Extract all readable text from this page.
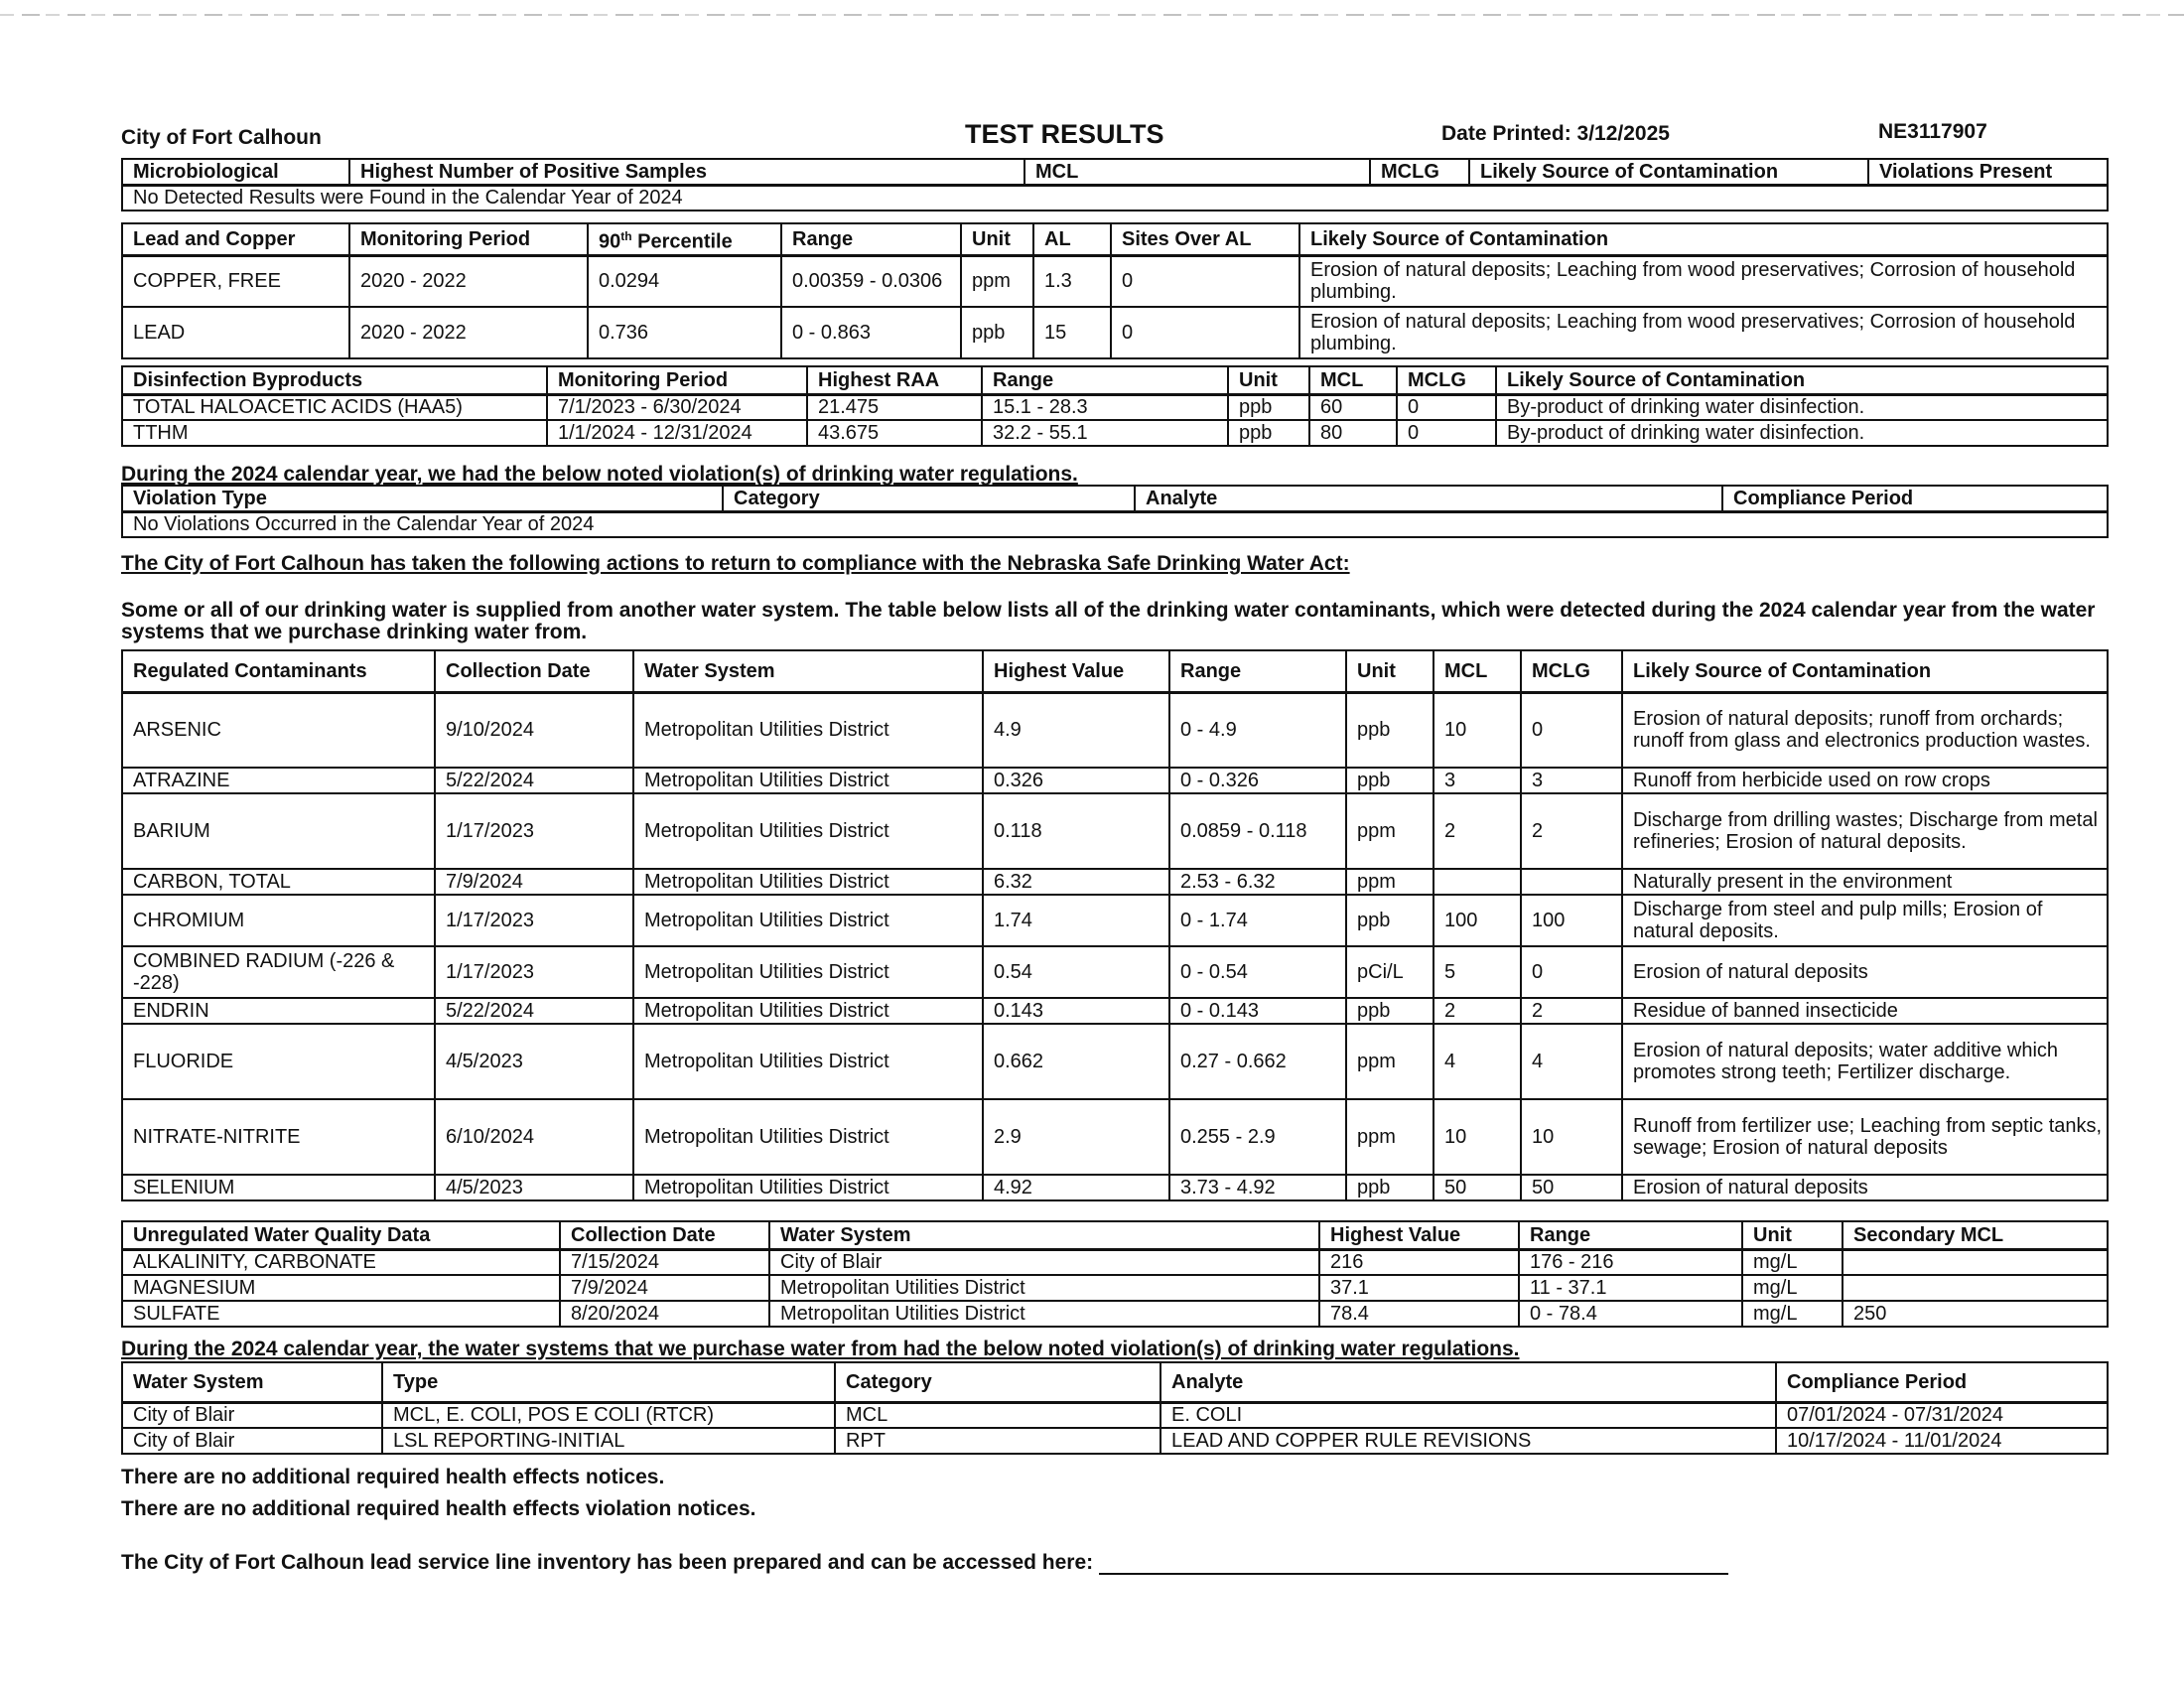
City of Fort Calhoun	TEST RESULTS	Date Printed: 3/12/2025	NE3117907
Microbiological	Highest Number of Positive Samples	MCL	MCLG	Likely Source of Contamination	Violations Present
No Detected Results were Found in the Calendar Year of 2024
Lead and Copper	Monitoring Period	90th Percentile	Range	Unit	AL	Sites Over AL	Likely Source of Contamination
COPPER, FREE	2020 - 2022	0.0294	0.00359 - 0.0306	ppm	1.3	0	Erosion of natural deposits; Leaching from wood preservatives; Corrosion of household plumbing.
LEAD	2020 - 2022	0.736	0 - 0.863	ppb	15	0	Erosion of natural deposits; Leaching from wood preservatives; Corrosion of household plumbing.
Disinfection Byproducts	Monitoring Period	Highest RAA	Range	Unit	MCL	MCLG	Likely Source of Contamination
TOTAL HALOACETIC ACIDS (HAA5)	7/1/2023 - 6/30/2024	21.475	15.1 - 28.3	ppb	60	0	By-product of drinking water disinfection.
TTHM	1/1/2024 - 12/31/2024	43.675	32.2 - 55.1	ppb	80	0	By-product of drinking water disinfection.
During the 2024 calendar year, we had the below noted violation(s) of drinking water regulations.
Violation Type	Category	Analyte	Compliance Period
No Violations Occurred in the Calendar Year of 2024
The City of Fort Calhoun has taken the following actions to return to compliance with the Nebraska Safe Drinking Water Act:
Some or all of our drinking water is supplied from another water system. The table below lists all of the drinking water contaminants, which were detected during the 2024 calendar year from the water systems that we purchase drinking water from.
Regulated Contaminants	Collection Date	Water System	Highest Value	Range	Unit	MCL	MCLG	Likely Source of Contamination
ARSENIC	9/10/2024	Metropolitan Utilities District	4.9	0 - 4.9	ppb	10	0	Erosion of natural deposits; runoff from orchards; runoff from glass and electronics production wastes.
ATRAZINE	5/22/2024	Metropolitan Utilities District	0.326	0 - 0.326	ppb	3	3	Runoff from herbicide used on row crops
BARIUM	1/17/2023	Metropolitan Utilities District	0.118	0.0859 - 0.118	ppm	2	2	Discharge from drilling wastes; Discharge from metal refineries; Erosion of natural deposits.
CARBON, TOTAL	7/9/2024	Metropolitan Utilities District	6.32	2.53 - 6.32	ppm			Naturally present in the environment
CHROMIUM	1/17/2023	Metropolitan Utilities District	1.74	0 - 1.74	ppb	100	100	Discharge from steel and pulp mills; Erosion of natural deposits.
COMBINED RADIUM (-226 & -228)	1/17/2023	Metropolitan Utilities District	0.54	0 - 0.54	pCi/L	5	0	Erosion of natural deposits
ENDRIN	5/22/2024	Metropolitan Utilities District	0.143	0 - 0.143	ppb	2	2	Residue of banned insecticide
FLUORIDE	4/5/2023	Metropolitan Utilities District	0.662	0.27 - 0.662	ppm	4	4	Erosion of natural deposits; water additive which promotes strong teeth; Fertilizer discharge.
NITRATE-NITRITE	6/10/2024	Metropolitan Utilities District	2.9	0.255 - 2.9	ppm	10	10	Runoff from fertilizer use; Leaching from septic tanks, sewage; Erosion of natural deposits
SELENIUM	4/5/2023	Metropolitan Utilities District	4.92	3.73 - 4.92	ppb	50	50	Erosion of natural deposits
Unregulated Water Quality Data	Collection Date	Water System	Highest Value	Range	Unit	Secondary MCL
ALKALINITY, CARBONATE	7/15/2024	City of Blair	216	176 - 216	mg/L	
MAGNESIUM	7/9/2024	Metropolitan Utilities District	37.1	11 - 37.1	mg/L	
SULFATE	8/20/2024	Metropolitan Utilities District	78.4	0 - 78.4	mg/L	250
During the 2024 calendar year, the water systems that we purchase water from had the below noted violation(s) of drinking water regulations.
Water System	Type	Category	Analyte	Compliance Period
City of Blair	MCL, E. COLI, POS E COLI (RTCR)	MCL	E. COLI	07/01/2024 - 07/31/2024
City of Blair	LSL REPORTING-INITIAL	RPT	LEAD AND COPPER RULE REVISIONS	10/17/2024 - 11/01/2024
There are no additional required health effects notices.
There are no additional required health effects violation notices.
The City of Fort Calhoun lead service line inventory has been prepared and can be accessed here:
